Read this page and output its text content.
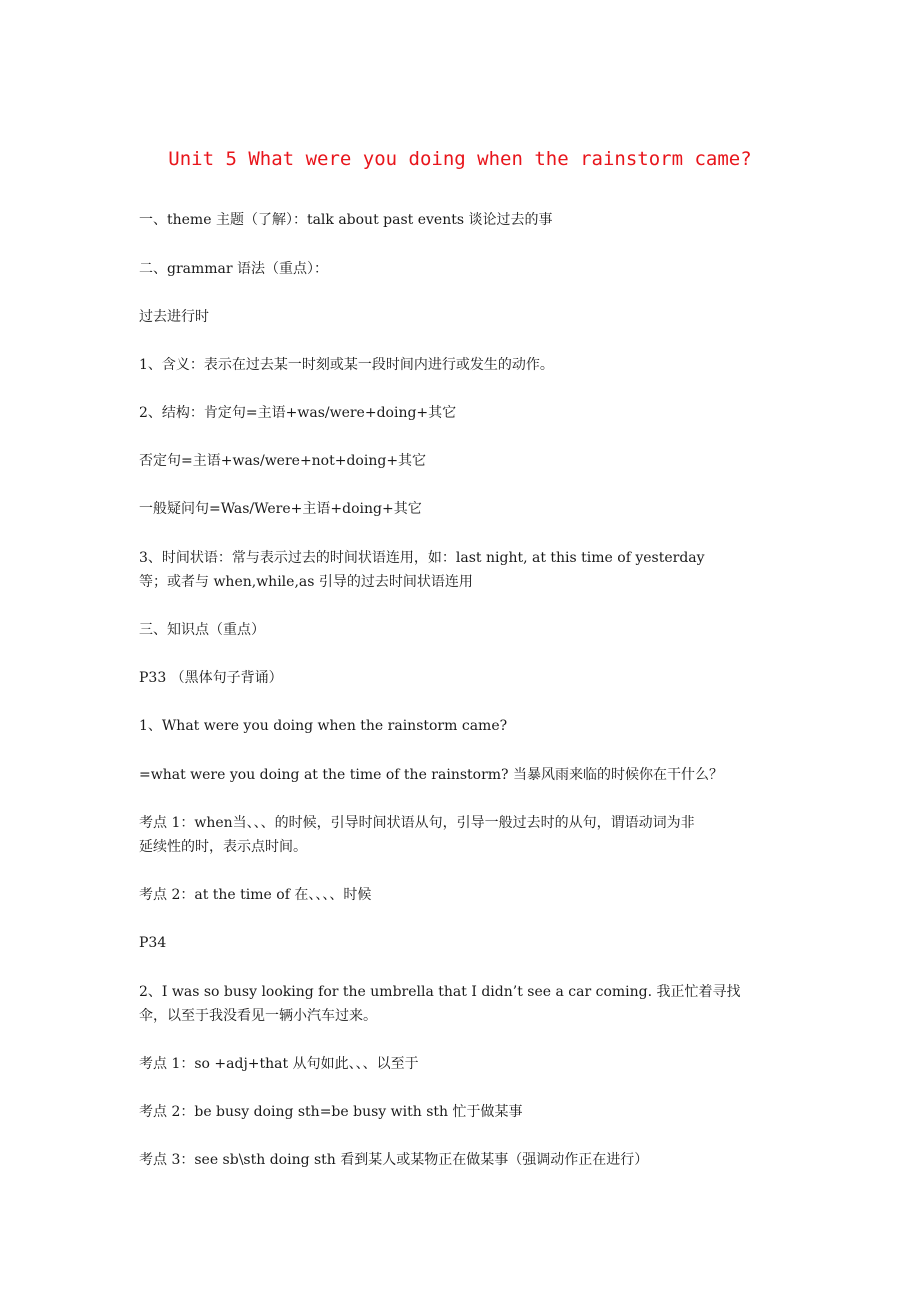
Unit 5 What were you doing when the rainstorm came?
一、theme 主题（了解）：talk about past events 谈论过去的事
二、grammar 语法（重点）：
过去进行时
1、含义：表示在过去某一时刻或某一段时间内进行或发生的动作。
2、结构：肯定句=主语+was/were+doing+其它
否定句=主语+was/were+not+doing+其它
一般疑问句=Was/Were+主语+doing+其它
3、时间状语：常与表示过去的时间状语连用，如：last night, at this time of yesterday
等；或者与 when,while,as 引导的过去时间状语连用
三、知识点（重点）
P33 （黑体句子背诵）
1、What were you doing when the rainstorm came?
=what were you doing at the time of the rainstorm? 当暴风雨来临的时候你在干什么？
考点 1：when当、、、的时候，引导时间状语从句，引导一般过去时的从句，谓语动词为非
延续性的时，表示点时间。
考点 2：at the time of 在、、、、时候
P34
2、I was so busy looking for the umbrella that I didn’t see a car coming. 我正忙着寻找
伞，以至于我没看见一辆小汽车过来。
考点 1：so +adj+that 从句如此、、、以至于
考点 2：be busy doing sth=be busy with sth 忙于做某事
考点 3：see sb\sth doing sth 看到某人或某物正在做某事（强调动作正在进行）
